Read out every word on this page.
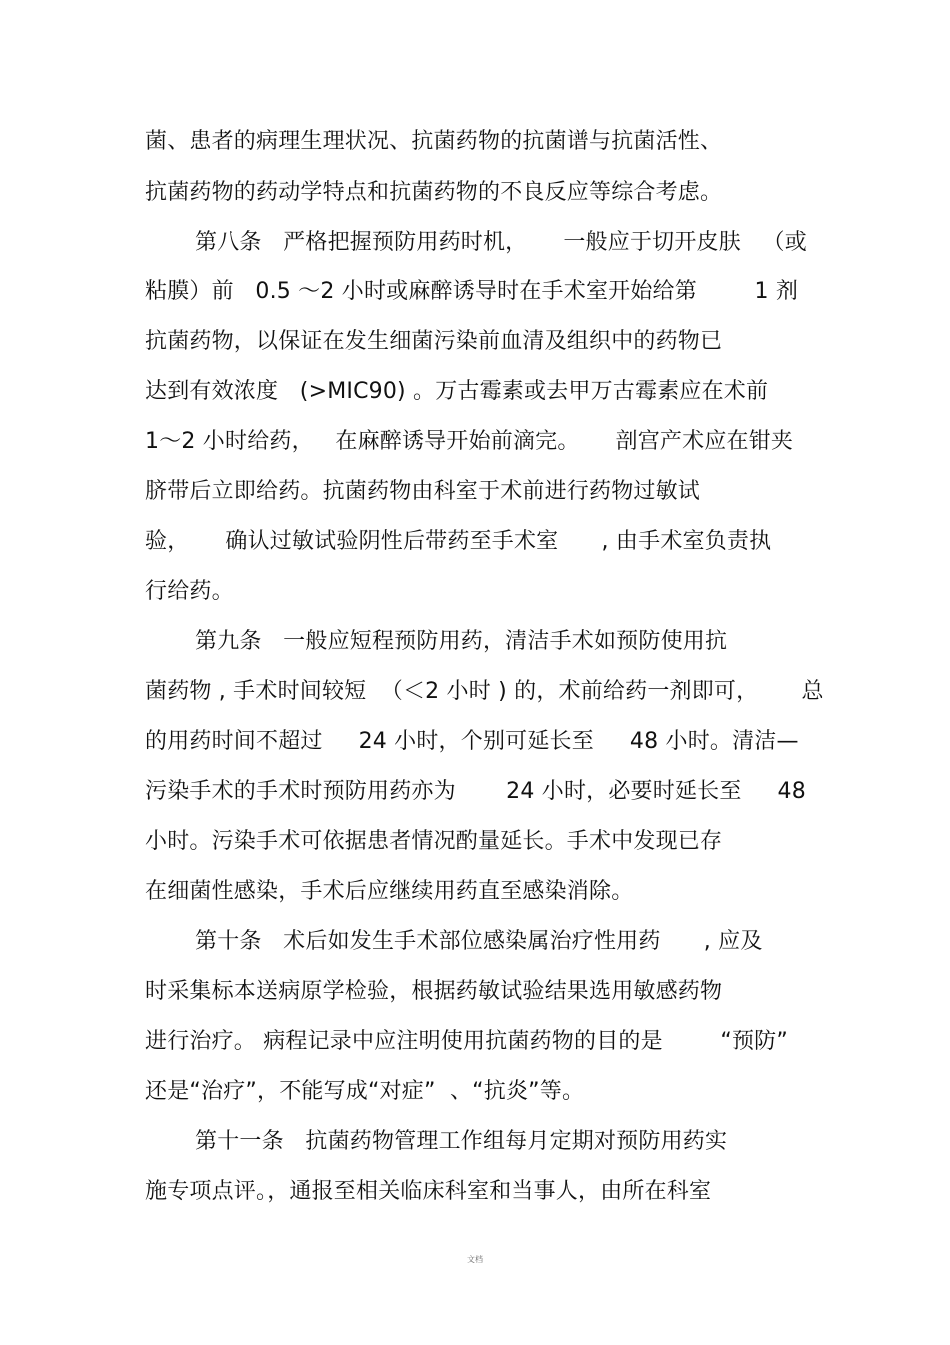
菌、患者的病理生理状况、抗菌药物的抗菌谱与抗菌活性、
抗菌药物的药动学特点和抗菌药物的不良反应等综合考虑。
第八条   严格把握预防用药时机，     一般应于切开皮肤   （或
粘膜）前   0.5 ～2 小时或麻醉诱导时在手术室开始给第        1 剂
抗菌药物，以保证在发生细菌污染前血清及组织中的药物已
达到有效浓度   (>MIC90) 。万古霉素或去甲万古霉素应在术前
1～2 小时给药，   在麻醉诱导开始前滴完。     剖宫产术应在钳夹
脐带后立即给药。抗菌药物由科室于术前进行药物过敏试
验，     确认过敏试验阴性后带药至手术室      , 由手术室负责执
行给药。
第九条   一般应短程预防用药，清洁手术如预防使用抗
菌药物 , 手术时间较短  （＜2 小时 ) 的，术前给药一剂即可，      总
的用药时间不超过     24 小时，个别可延长至     48 小时。清洁—
污染手术的手术时预防用药亦为       24 小时，必要时延长至     48
小时。污染手术可依据患者情况酌量延长。手术中发现已存
在细菌性感染，手术后应继续用药直至感染消除。
第十条   术后如发生手术部位感染属治疗性用药      , 应及
时采集标本送病原学检验，根据药敏试验结果选用敏感药物
进行治疗。 病程记录中应注明使用抗菌药物的目的是        “预防”
还是“治疗”，不能写成“对症”  、“抗炎”等。
第十一条   抗菌药物管理工作组每月定期对预防用药实
施专项点评。，通报至相关临床科室和当事人，由所在科室
文档
